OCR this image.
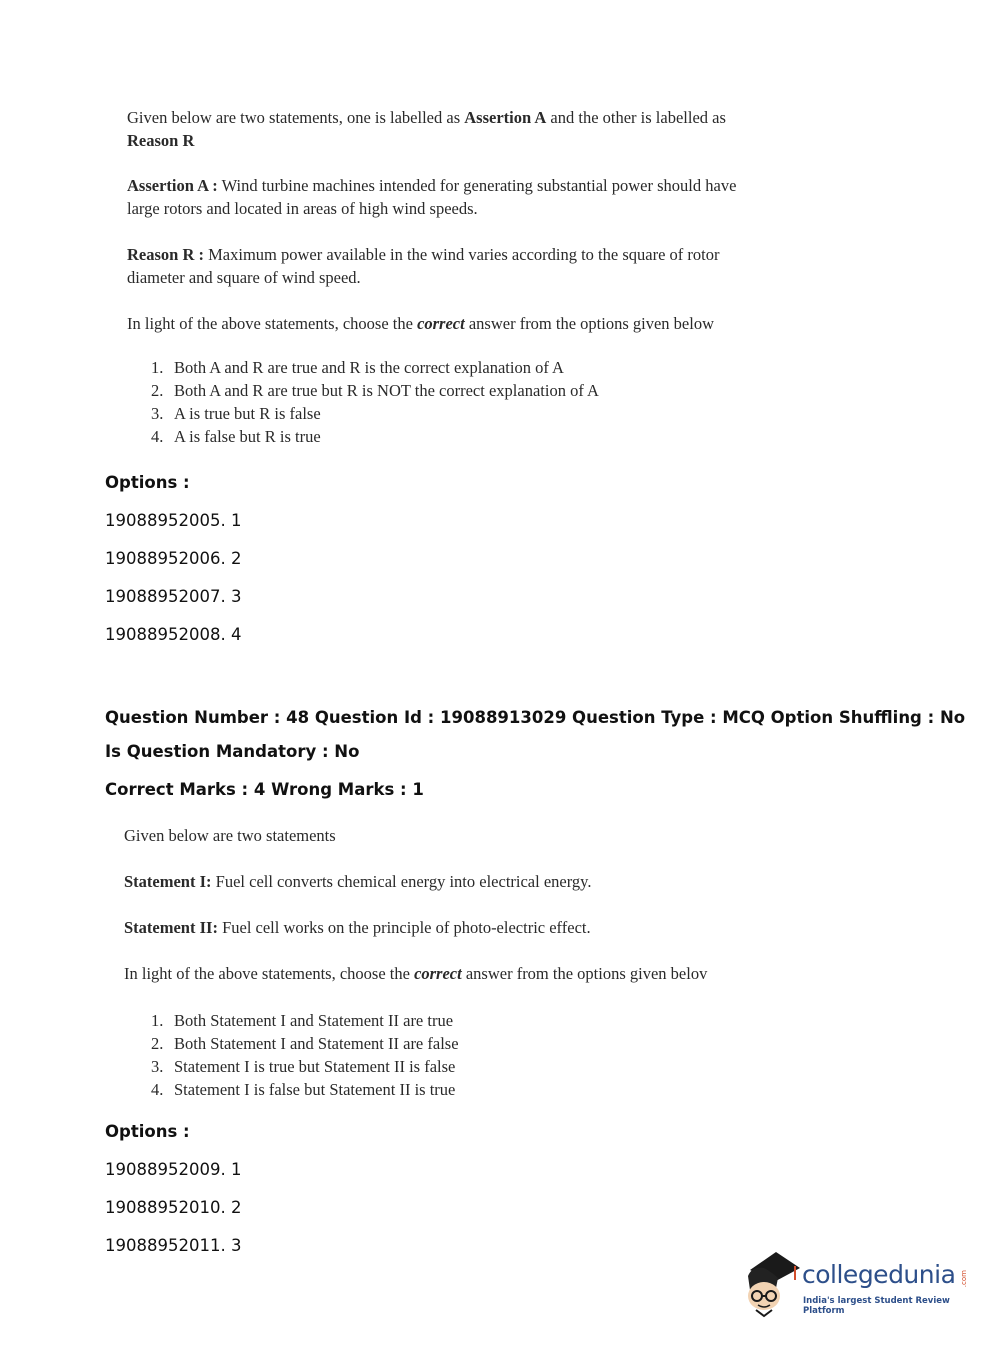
Given below are two statements, one is labelled as Assertion A and the other is labelled as
Reason R

Assertion A : Wind turbine machines intended for generating substantial power should have
large rotors and located in areas of high wind speeds.

Reason R : Maximum power available in the wind varies according to the square of rotor
diameter and square of wind speed.

In light of the above statements, choose the correct answer from the options given below

1. Both A and R are true and R is the correct explanation of A
2. Both A and R are true but R is NOT the correct explanation of A
3. A is true but R is false
4. A is false but R is true
Options :
19088952005. 1
19088952006. 2
19088952007. 3
19088952008. 4
Question Number : 48 Question Id : 19088913029 Question Type : MCQ Option Shuffling : No
Is Question Mandatory : No
Correct Marks : 4 Wrong Marks : 1
Given below are two statements
Statement I: Fuel cell converts chemical energy into electrical energy.
Statement II: Fuel cell works on the principle of photo-electric effect.
In light of the above statements, choose the correct answer from the options given belov
1. Both Statement I and Statement II are true
2. Both Statement I and Statement II are false
3. Statement I is true but Statement II is false
4. Statement I is false but Statement II is true
Options :
19088952009. 1
19088952010. 2
19088952011. 3
collegedunia .com
India's largest Student Review Platform
